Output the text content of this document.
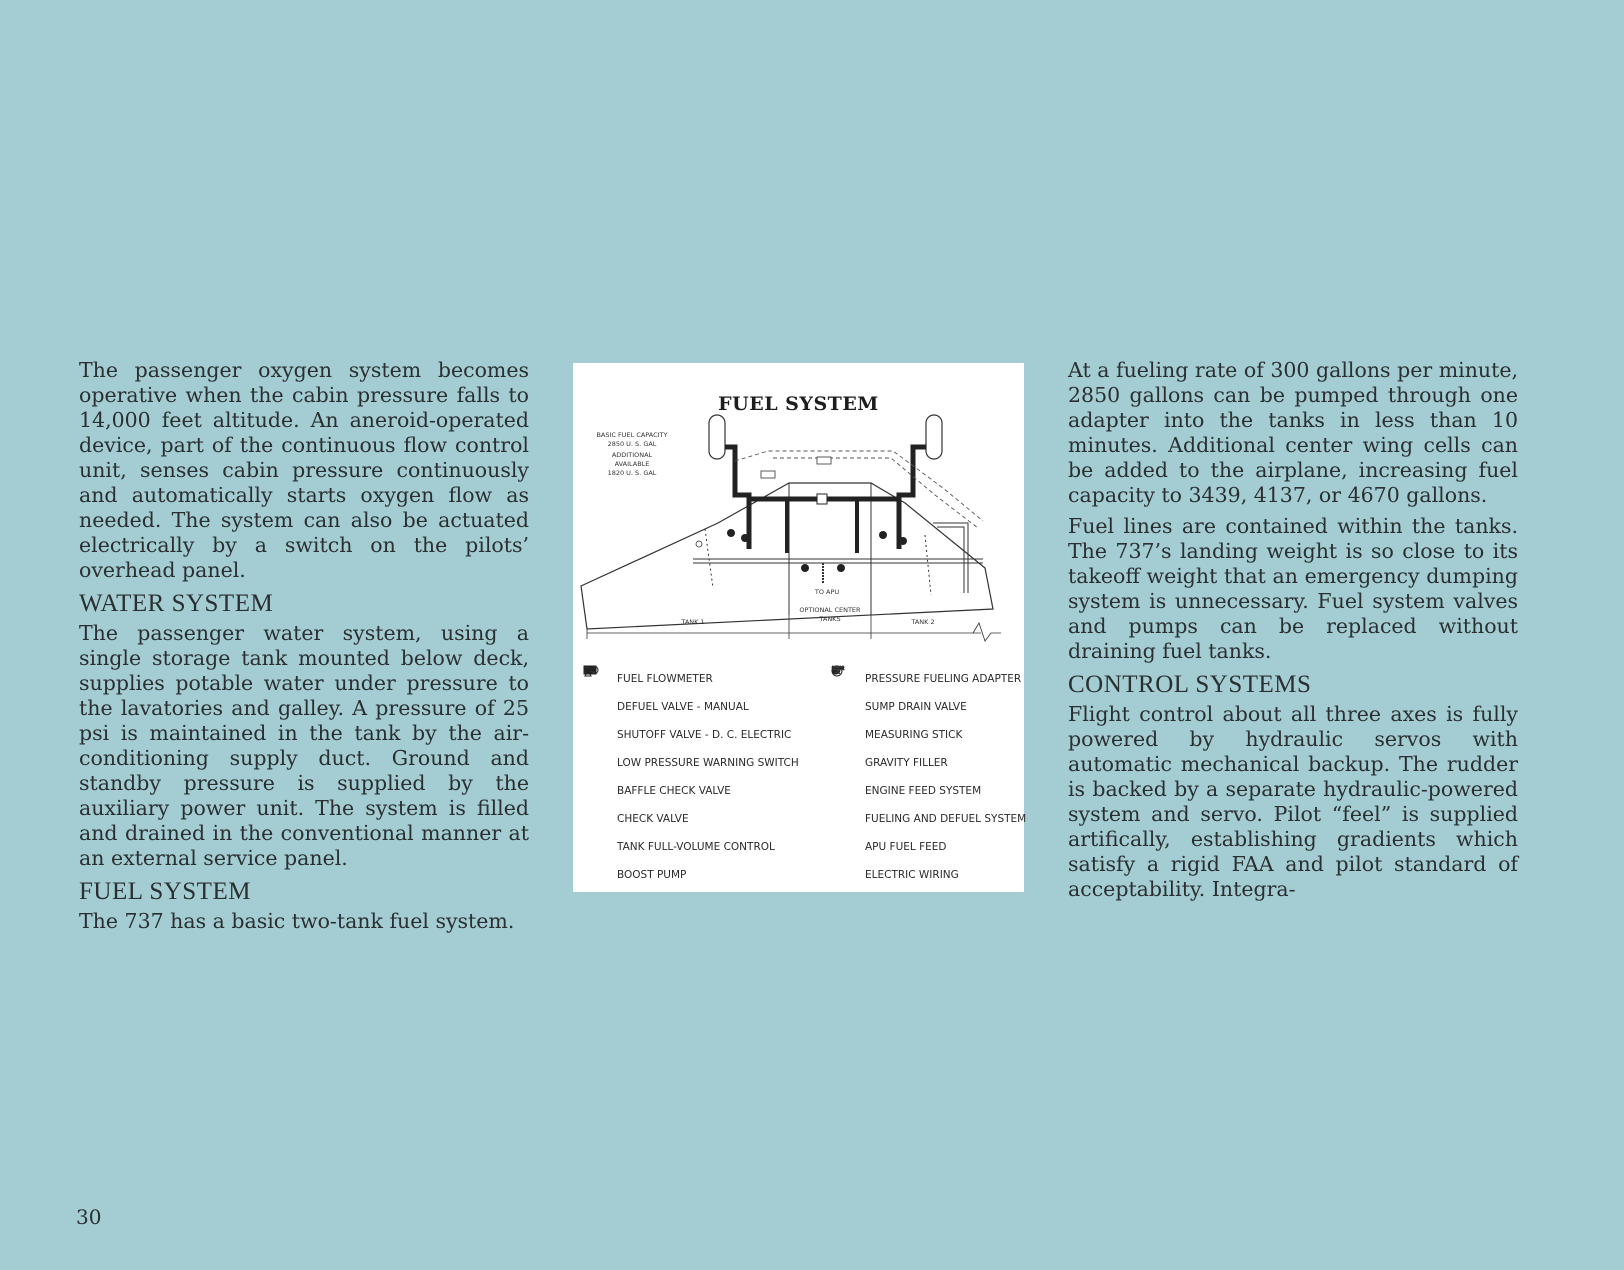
The passenger oxygen system becomes operative when the cabin pressure falls to 14,000 feet altitude. An aneroid-operated device, part of the continuous flow control unit, senses cabin pressure continuously and automatically starts oxygen flow as needed. The system can also be actuated electrically by a switch on the pilots’ overhead panel.

WATER SYSTEM

The passenger water system, using a single storage tank mounted below deck, supplies potable water under pressure to the lavatories and galley. A pressure of 25 psi is maintained in the tank by the air-conditioning supply duct. Ground and standby pressure is supplied by the auxiliary power unit. The system is filled and drained in the conventional manner at an external service panel.

FUEL SYSTEM

The 737 has a basic two-tank fuel system.

FUEL SYSTEM
BASIC FUEL CAPACITY
2850 U. S. GAL
ADDITIONAL AVAILABLE
1820 U. S. GAL
TO APU
TANK 1
OPTIONAL CENTER
TANKS	TANK 2
FUEL FLOWMETER
DEFUEL VALVE - MANUAL
SHUTOFF VALVE - D. C. ELECTRIC
LOW PRESSURE WARNING SWITCH
BAFFLE CHECK VALVE
CHECK VALVE
TANK FULL-VOLUME CONTROL
BOOST PUMP
PRESSURE FUELING ADAPTER
SUMP DRAIN VALVE
MEASURING STICK
GRAVITY FILLER
ENGINE FEED SYSTEM
FUELING AND DEFUEL SYSTEM
APU FUEL FEED
ELECTRIC WIRING

At a fueling rate of 300 gallons per minute, 2850 gallons can be pumped through one adapter into the tanks in less than 10 minutes. Additional center wing cells can be added to the airplane, increasing fuel capacity to 3439, 4137, or 4670 gallons.

Fuel lines are contained within the tanks. The 737’s landing weight is so close to its takeoff weight that an emergency dumping system is unnecessary. Fuel system valves and pumps can be replaced without draining fuel tanks.

CONTROL SYSTEMS

Flight control about all three axes is fully powered by hydraulic servos with automatic mechanical backup. The rudder is backed by a separate hydraulic-powered system and servo. Pilot “feel” is supplied artifically, establishing gradients which satisfy a rigid FAA and pilot standard of acceptability. Integra-

30
